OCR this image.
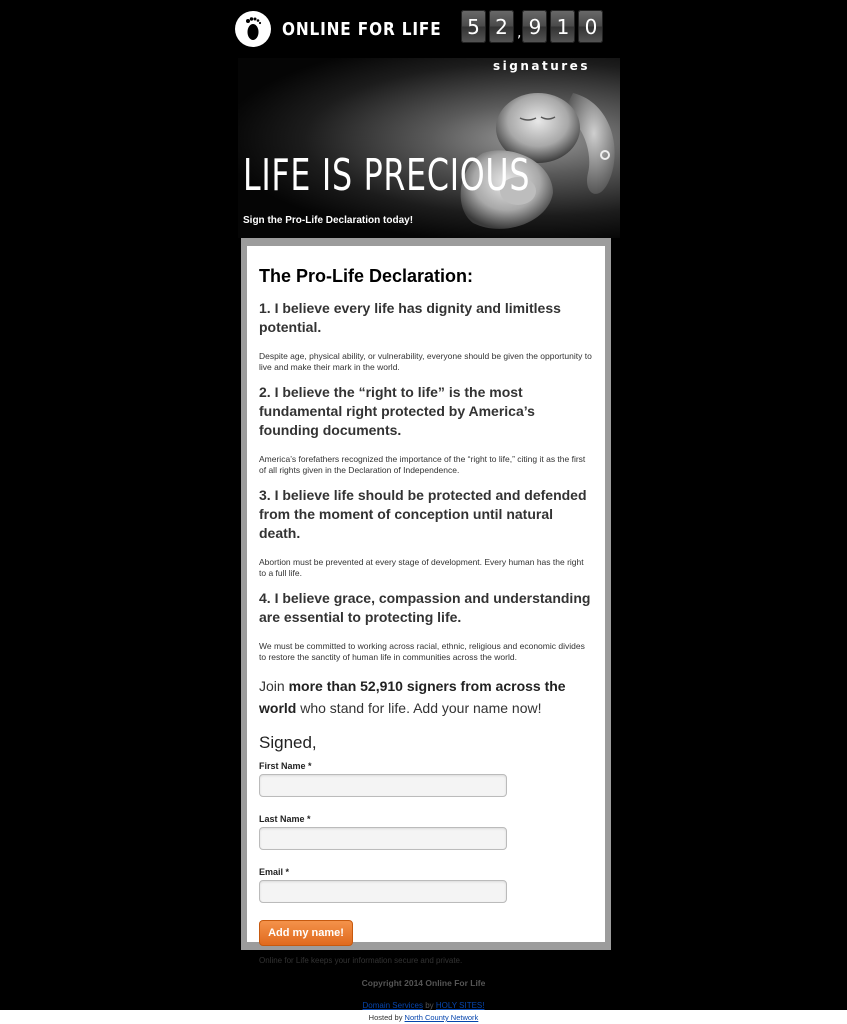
ONLINE FOR LIFE	5 2 , 9 1 0
LIFE IS PRECIOUS
Sign the Pro-Life Declaration today!
signatures
The Pro-Life Declaration:
1. I believe every life has dignity and limitless potential.
Despite age, physical ability, or vulnerability, everyone should be given the opportunity to live and make their mark in the world.
2. I believe the “right to life” is the most fundamental right protected by America’s founding documents.
America’s forefathers recognized the importance of the “right to life,” citing it as the first of all rights given in the Declaration of Independence.
3. I believe life should be protected and defended from the moment of conception until natural death.
Abortion must be prevented at every stage of development. Every human has the right to a full life.
4. I believe grace, compassion and understanding are essential to protecting life.
We must be committed to working across racial, ethnic, religious and economic divides to restore the sanctity of human life in communities across the world.

Join more than 52,910 signers from across the world who stand for life. Add your name now!

Signed,
First Name *
Last Name *
Email *
Add my name!

Online for Life keeps your information secure and private.

Copyright 2014 Online For Life
Domain Services by HOLY SITES!
Hosted by North County Network
